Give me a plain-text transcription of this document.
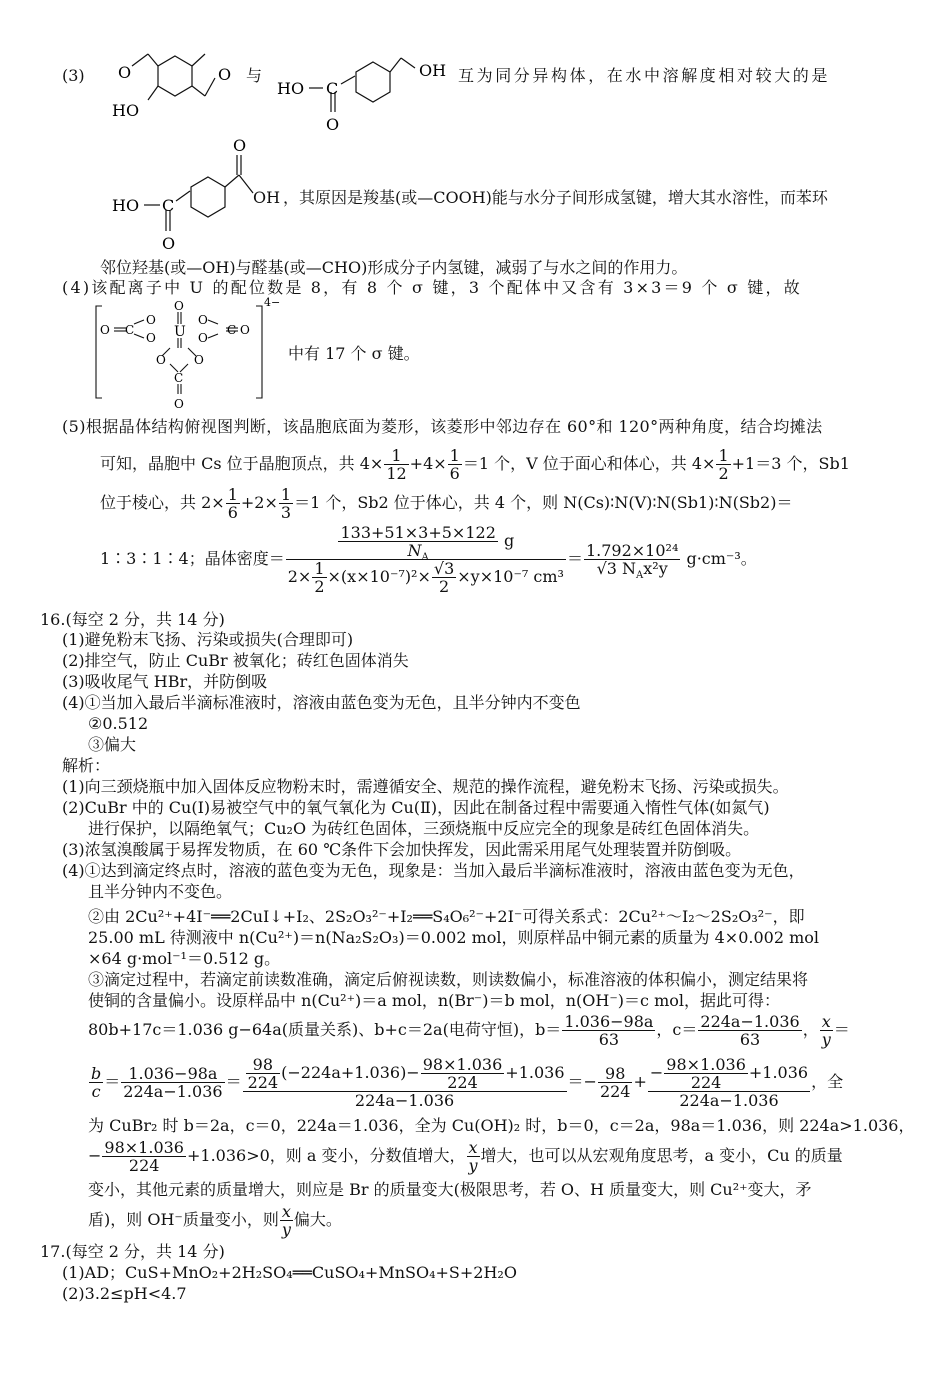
(3) O	O
HO
与
HO C
O
OH 互为同分异构体，在水中溶解度相对较大的是
HO C
O
O
OH ，其原因是羧基(或—COOH)能与水分子间形成氢键，增大其水溶性，而苯环
邻位羟基(或—OH)与醛基(或—CHO)形成分子内氢键，减弱了与水之间的作用力。
(4)该配离子中 U 的配位数是 8，有 8 个 σ 键，3 个配体中又含有 3×3＝9 个 σ 键，故
O
U
O C
O
O
O
O
C O
O O
C
O
4−
中有 17 个 σ 键。
(5)根据晶体结构俯视图判断，该晶胞底面为菱形，该菱形中邻边存在 60°和 120°两种角度，结合均摊法
可知，晶胞中 Cs 位于晶胞顶点，共 $4\times \frac{1}{12} +4\times \frac{1}{6} =1$ 个，V 位于面心和体心，共 $4\times \frac{1}{2} +1=3$ 个，Sb1
位于棱心，共 $2\times \frac{1}{6} +2\times \frac{1}{3} =1$ 个，Sb2 位于体心，共 4 个，则 N(Cs)∶N(V)∶N(Sb1)∶N(Sb2)＝
1∶3∶1∶4；晶体密度＝ $\frac{\frac{133+51\times 3+5\times 122}{N_A} g}{2\times \frac{1}{2} \times(x\times 10^{-7})^2\times \frac{√3}{2} \times y\times 10^{-7} cm^3} = 1.792\times 10^{24}$
√3 $N_Ax^2y$
g·cm⁻³。
16.(每空 2 分，共 14 分)
(1)避免粉末飞扬、污染或损失(合理即可)
(2)排空气，防止 CuBr 被氧化；砖红色固体消失
(3)吸收尾气 HBr，并防倒吸
(4)①当加入最后半滴标准液时，溶液由蓝色变为无色，且半分钟内不变色
②0.512
③偏大
解析：
(1)向三颈烧瓶中加入固体反应物粉末时，需遵循安全、规范的操作流程，避免粉末飞扬、污染或损失。
(2)CuBr 中的 Cu(Ⅰ)易被空气中的氧气氧化为 Cu(Ⅱ)，因此在制备过程中需要通入惰性气体(如氮气)
进行保护，以隔绝氧气；Cu₂O 为砖红色固体，三颈烧瓶中反应完全的现象是砖红色固体消失。
(3)浓氢溴酸属于易挥发物质，在 60 ℃条件下会加快挥发，因此需采用尾气处理装置并防倒吸。
(4)①达到滴定终点时，溶液的蓝色变为无色，现象是：当加入最后半滴标准液时，溶液由蓝色变为无色，
且半分钟内不变色。
②由 2Cu²⁺+4I⁻══2CuI↓+I₂、2S₂O₃²⁻+I₂══S₄O₆²⁻+2I⁻可得关系式：2Cu²⁺～I₂～2S₂O₃²⁻，即
25.00 mL 待测液中 n(Cu²⁺)＝n(Na₂S₂O₃)＝0.002 mol，则原样品中铜元素的质量为 4×0.002 mol
×64 g·mol⁻¹＝0.512 g。
③滴定过程中，若滴定前读数准确，滴定后俯视读数，则读数偏小，标准溶液的体积偏小，测定结果将
使铜的含量偏小。设原样品中 n(Cu²⁺)＝a mol，n(Br⁻)＝b mol，n(OH⁻)＝c mol，据此可得：
80b+17c＝1.036 g−64a(质量关系)、b+c＝2a(电荷守恒)，$b= \frac{1.036-98a}{63}$ ，$c= \frac{224a-1.036}{63}$ ， $\frac{x}{y}$ ＝
$\frac{b}{c} = \frac{1.036-98a}{224a-1.036} = \frac{\frac{98}{224} (-224a+1.036)- \frac{98\times 1.036}{224} +1.036}{224a-1.036} =- \frac{98}{224} + \frac{- \frac{98\times 1.036}{224} +1.036}{224a-1.036}$ ，全
为 CuBr₂ 时 b＝2a，c＝0，224a＝1.036，全为 Cu(OH)₂ 时，b＝0，c＝2a，98a＝1.036，则 224a>1.036，
− $\frac{98\times 1.036}{224} +1.036>0$，则 a 变小，分数值增大， $\frac{x}{y}$ 增大，也可以从宏观角度思考，a 变小，Cu 的质量
变小，其他元素的质量增大，则应是 Br 的质量变大(极限思考，若 O、H 质量变大，则 Cu²⁺变大，矛
盾)，则 OH⁻质量变小，则 $\frac{x}{y}$ 偏大。
17.(每空 2 分，共 14 分)
(1)AD；CuS+MnO₂+2H₂SO₄══CuSO₄+MnSO₄+S+2H₂O
(2)3.2≤pH<4.7
